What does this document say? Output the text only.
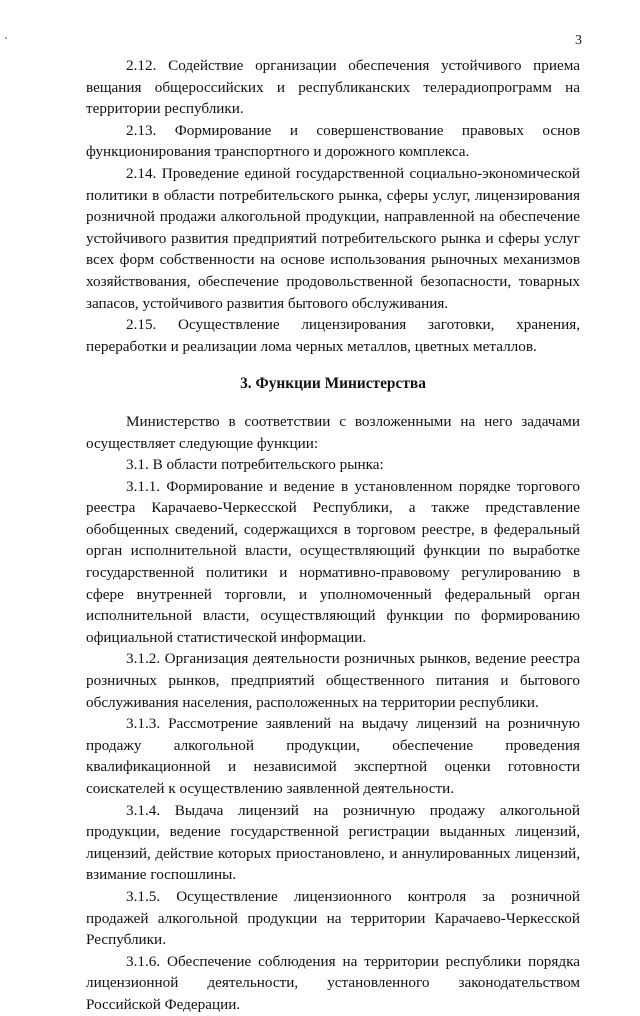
3

2.12. Содействие организации обеспечения устойчивого приема вещания общероссийских и республиканских телерадиопрограмм на территории республики.

2.13. Формирование и совершенствование правовых основ функционирования транспортного и дорожного комплекса.

2.14. Проведение единой государственной социально-экономической политики в области потребительского рынка, сферы услуг, лицензирования розничной продажи алкогольной продукции, направленной на обеспечение устойчивого развития предприятий потребительского рынка и сферы услуг всех форм собственности на основе использования рыночных механизмов хозяйствования, обеспечение продовольственной безопасности, товарных запасов, устойчивого развития бытового обслуживания.

2.15. Осуществление лицензирования заготовки, хранения, переработки и реализации лома черных металлов, цветных металлов.

3. Функции Министерства

Министерство в соответствии с возложенными на него задачами осуществляет следующие функции:

3.1. В области потребительского рынка:

3.1.1. Формирование и ведение в установленном порядке торгового реестра Карачаево-Черкесской Республики, а также представление обобщенных сведений, содержащихся в торговом реестре, в федеральный орган исполнительной власти, осуществляющий функции по выработке государственной политики и нормативно-правовому регулированию в сфере внутренней торговли, и уполномоченный федеральный орган исполнительной власти, осуществляющий функции по формированию официальной статистической информации.

3.1.2. Организация деятельности розничных рынков, ведение реестра розничных рынков, предприятий общественного питания и бытового обслуживания населения, расположенных на территории республики.

3.1.3. Рассмотрение заявлений на выдачу лицензий на розничную продажу алкогольной продукции, обеспечение проведения квалификационной и независимой экспертной оценки готовности соискателей к осуществлению заявленной деятельности.

3.1.4. Выдача лицензий на розничную продажу алкогольной продукции, ведение государственной регистрации выданных лицензий, лицензий, действие которых приостановлено, и аннулированных лицензий, взимание госпошлины.

3.1.5. Осуществление лицензионного контроля за розничной продажей алкогольной продукции на территории Карачаево-Черкесской Республики.

3.1.6. Обеспечение соблюдения на территории республики порядка лицензионной деятельности, установленного законодательством Российской Федерации.
